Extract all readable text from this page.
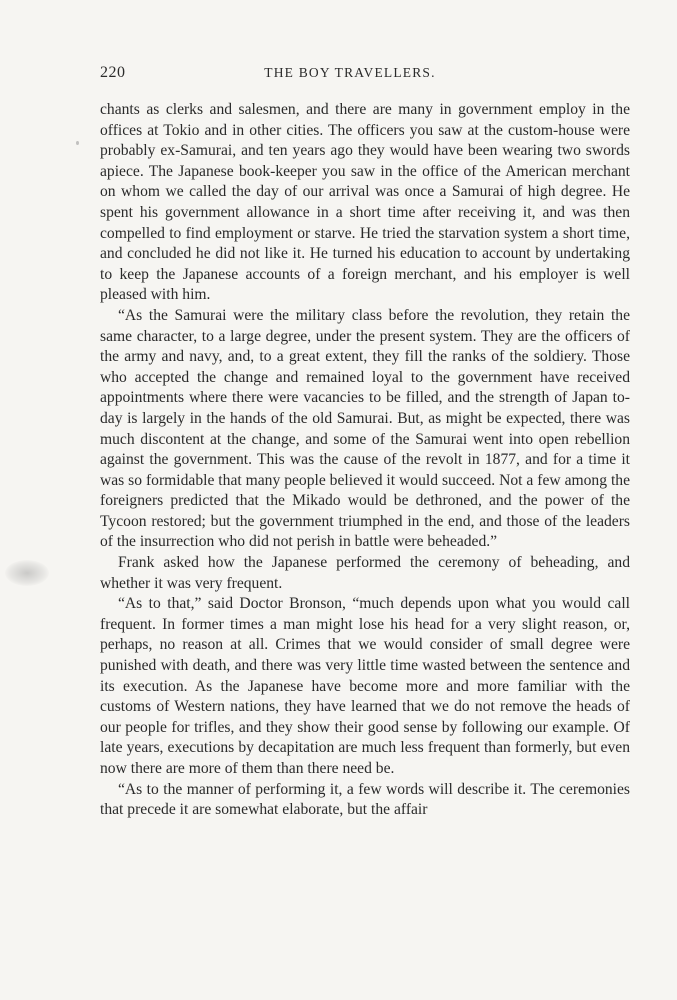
220	THE BOY TRAVELLERS.

chants as clerks and salesmen, and there are many in government employ in the offices at Tokio and in other cities. The officers you saw at the custom-house were probably ex-Samurai, and ten years ago they would have been wearing two swords apiece. The Japanese book-keeper you saw in the office of the American merchant on whom we called the day of our arrival was once a Samurai of high degree. He spent his government allowance in a short time after receiving it, and was then compelled to find employment or starve. He tried the starvation system a short time, and concluded he did not like it. He turned his education to account by undertaking to keep the Japanese accounts of a foreign merchant, and his employer is well pleased with him.

“As the Samurai were the military class before the revolution, they retain the same character, to a large degree, under the present system. They are the officers of the army and navy, and, to a great extent, they fill the ranks of the soldiery. Those who accepted the change and remained loyal to the government have received appointments where there were vacancies to be filled, and the strength of Japan to-day is largely in the hands of the old Samurai. But, as might be expected, there was much discontent at the change, and some of the Samurai went into open rebellion against the government. This was the cause of the revolt in 1877, and for a time it was so formidable that many people believed it would succeed. Not a few among the foreigners predicted that the Mikado would be dethroned, and the power of the Tycoon restored; but the government triumphed in the end, and those of the leaders of the insurrection who did not perish in battle were beheaded.”

Frank asked how the Japanese performed the ceremony of beheading, and whether it was very frequent.

“As to that,” said Doctor Bronson, “much depends upon what you would call frequent. In former times a man might lose his head for a very slight reason, or, perhaps, no reason at all. Crimes that we would consider of small degree were punished with death, and there was very little time wasted between the sentence and its execution. As the Japanese have become more and more familiar with the customs of Western nations, they have learned that we do not remove the heads of our people for trifles, and they show their good sense by following our example. Of late years, executions by decapitation are much less frequent than formerly, but even now there are more of them than there need be.

“As to the manner of performing it, a few words will describe it. The ceremonies that precede it are somewhat elaborate, but the affair
